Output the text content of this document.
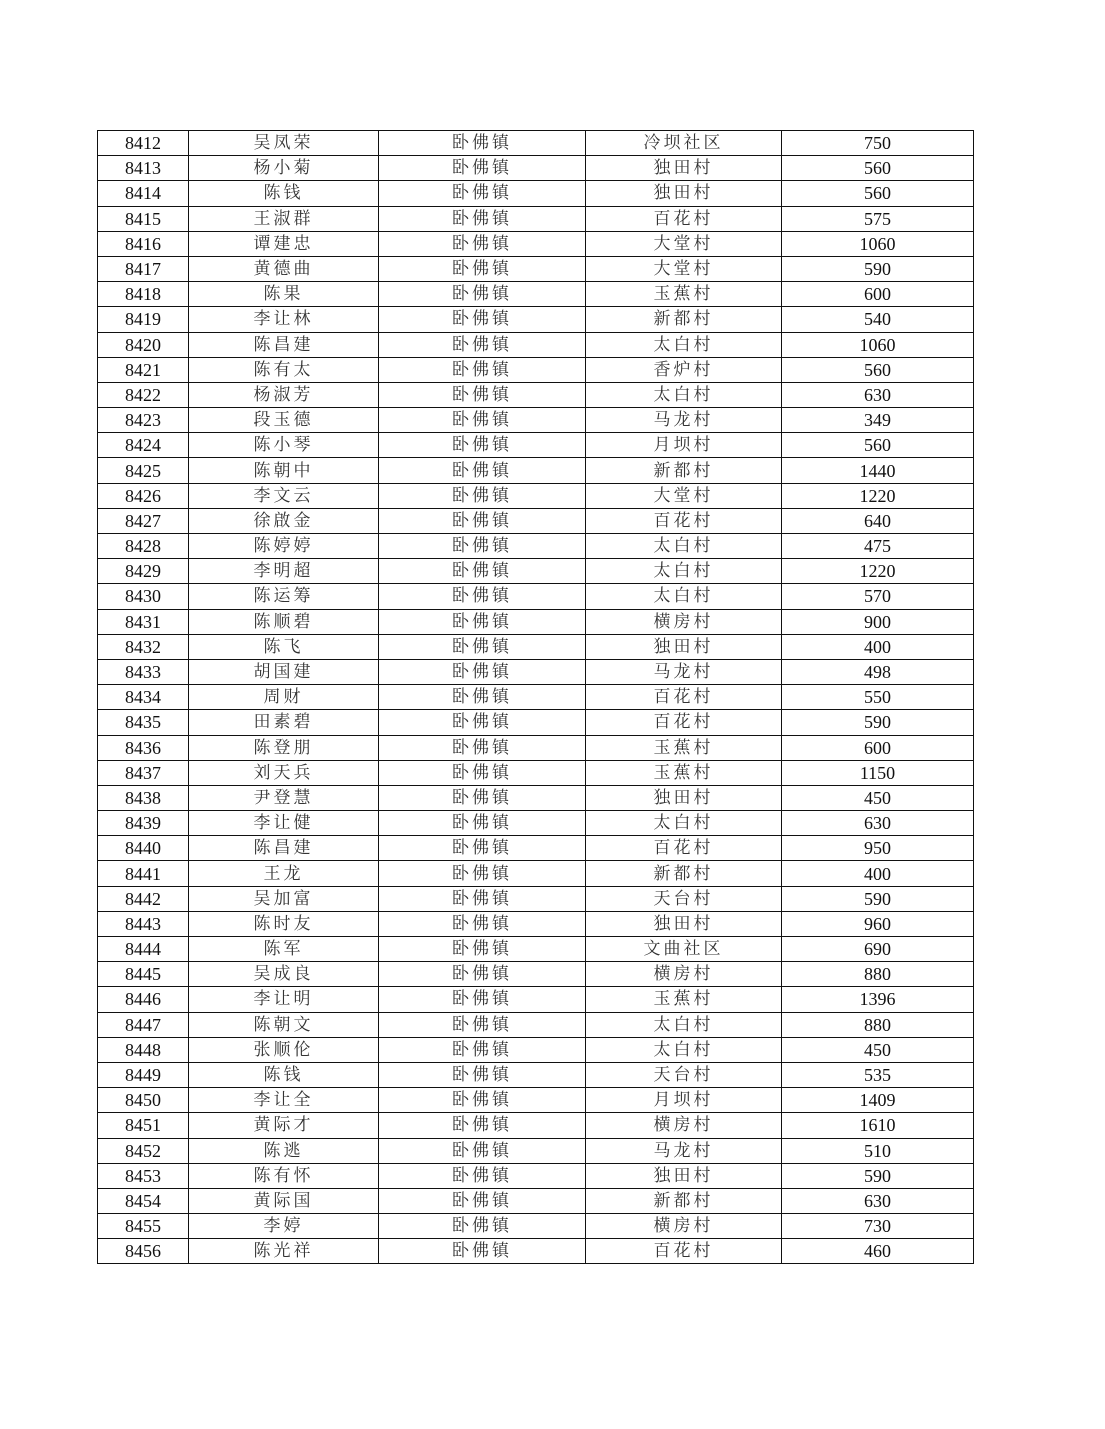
8412	吴凤荣	卧佛镇	冷坝社区	750
8413	杨小菊	卧佛镇	独田村	560
8414	陈钱	卧佛镇	独田村	560
8415	王淑群	卧佛镇	百花村	575
8416	谭建忠	卧佛镇	大堂村	1060
8417	黄德曲	卧佛镇	大堂村	590
8418	陈果	卧佛镇	玉蕉村	600
8419	李让林	卧佛镇	新都村	540
8420	陈昌建	卧佛镇	太白村	1060
8421	陈有太	卧佛镇	香炉村	560
8422	杨淑芳	卧佛镇	太白村	630
8423	段玉德	卧佛镇	马龙村	349
8424	陈小琴	卧佛镇	月坝村	560
8425	陈朝中	卧佛镇	新都村	1440
8426	李文云	卧佛镇	大堂村	1220
8427	徐啟金	卧佛镇	百花村	640
8428	陈婷婷	卧佛镇	太白村	475
8429	李明超	卧佛镇	太白村	1220
8430	陈运筹	卧佛镇	太白村	570
8431	陈顺碧	卧佛镇	横房村	900
8432	陈飞	卧佛镇	独田村	400
8433	胡国建	卧佛镇	马龙村	498
8434	周财	卧佛镇	百花村	550
8435	田素碧	卧佛镇	百花村	590
8436	陈登朋	卧佛镇	玉蕉村	600
8437	刘天兵	卧佛镇	玉蕉村	1150
8438	尹登慧	卧佛镇	独田村	450
8439	李让健	卧佛镇	太白村	630
8440	陈昌建	卧佛镇	百花村	950
8441	王龙	卧佛镇	新都村	400
8442	吴加富	卧佛镇	天台村	590
8443	陈时友	卧佛镇	独田村	960
8444	陈军	卧佛镇	文曲社区	690
8445	吴成良	卧佛镇	横房村	880
8446	李让明	卧佛镇	玉蕉村	1396
8447	陈朝文	卧佛镇	太白村	880
8448	张顺伦	卧佛镇	太白村	450
8449	陈钱	卧佛镇	天台村	535
8450	李让全	卧佛镇	月坝村	1409
8451	黄际才	卧佛镇	横房村	1610
8452	陈逃	卧佛镇	马龙村	510
8453	陈有怀	卧佛镇	独田村	590
8454	黄际国	卧佛镇	新都村	630
8455	李婷	卧佛镇	横房村	730
8456	陈光祥	卧佛镇	百花村	460
